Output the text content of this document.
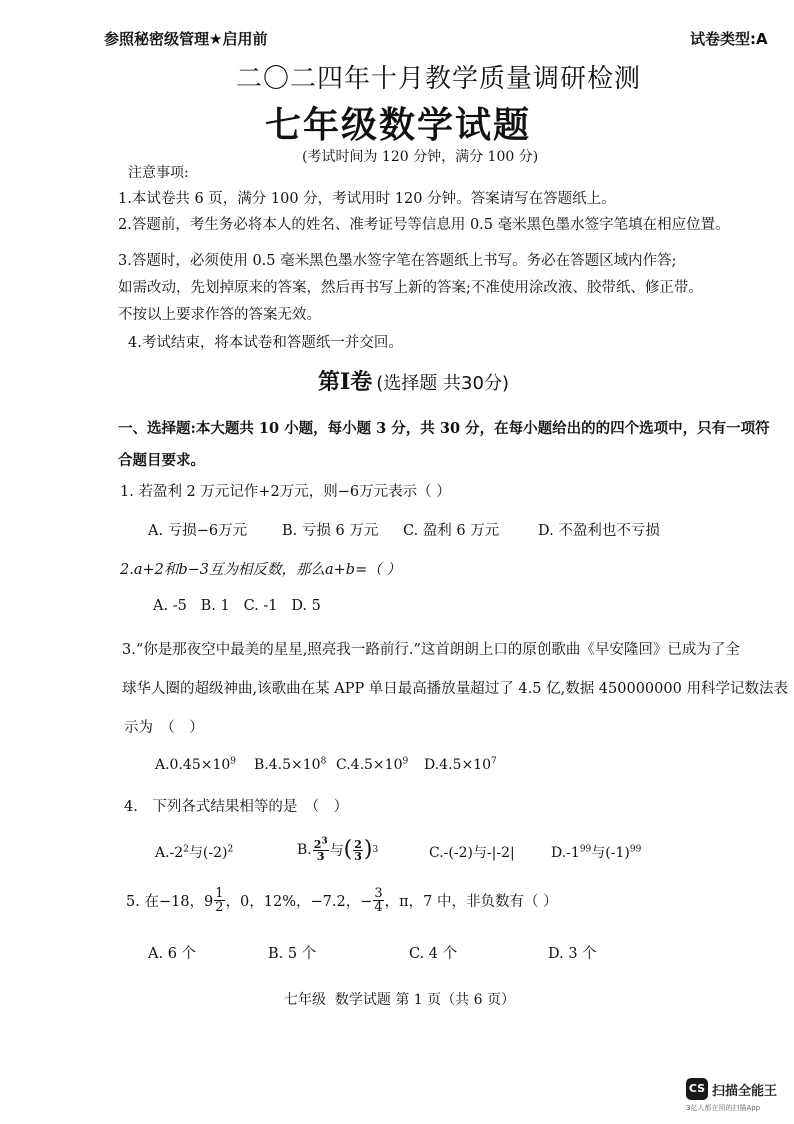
参照秘密级管理★启用前	试卷类型:A
二〇二四年十月教学质量调研检测
七年级数学试题
(考试时间为 120 分钟，满分 100 分)
注意事项:
1.本试卷共 6 页，满分 100 分，考试用时 120 分钟。答案请写在答题纸上。
2.答题前，考生务必将本人的姓名、准考证号等信息用 0.5 毫米黑色墨水签字笔填在相应位置。
3.答题时，必须使用 0.5 毫米黑色墨水签字笔在答题纸上书写。务必在答题区域内作答;
如需改动，先划掉原来的答案，然后再书写上新的答案;不准使用涂改液、胶带纸、修正带。
不按以上要求作答的答案无效。
4.考试结束，将本试卷和答题纸一并交回。
第Ⅰ卷 (选择题 共30分)
一、选择题:本大题共 10 小题，每小题 3 分，共 30 分，在每小题给出的的四个选项中，只有一项符
合题目要求。
1. 若盈利 2 万元记作+2万元，则−6万元表示（ ）
A. 亏损−6万元 B. 亏损 6 万元 C. 盈利 6 万元	D. 不盈利也不亏损
2.a+2和b−3互为相反数，那么a+b=（ ）
A. -5   B. 1   C. -1   D. 5
3.“你是那夜空中最美的星星,照亮我一路前行.”这首朗朗上口的原创歌曲《早安隆回》已成为了全
球华人圈的超级神曲,该歌曲在某 APP 单日最高播放量超过了 4.5 亿,数据 450000000 用科学记数法表
示为　（　）
$A.0.45\times 10^9$ $B.4.5\times 10^8$ $C.4.5\times 10^9$ $D.4.5\times 10^7$
4.　下列各式结果相等的是　（　）
$A.-2^2$与$(-2)^2$	B. $\frac{2^3}{3}$ 与 ( $\frac{2}{3}$ ) 3	C.-(-2)与-|-2|	$D.-1^{99}$与$(-1)^{99}$
5. 在−18，$9 \frac{1}{2}$ ，0，12%，−7.2，− $\frac{3}{4}$ ，π，7 中，非负数有（ ）
A. 6 个	B. 5 个	C. 4 个	D. 3 个
七年级  数学试题 第 1 页（共 6 页）
CS 扫描全能王
3亿人都在用的扫描App
